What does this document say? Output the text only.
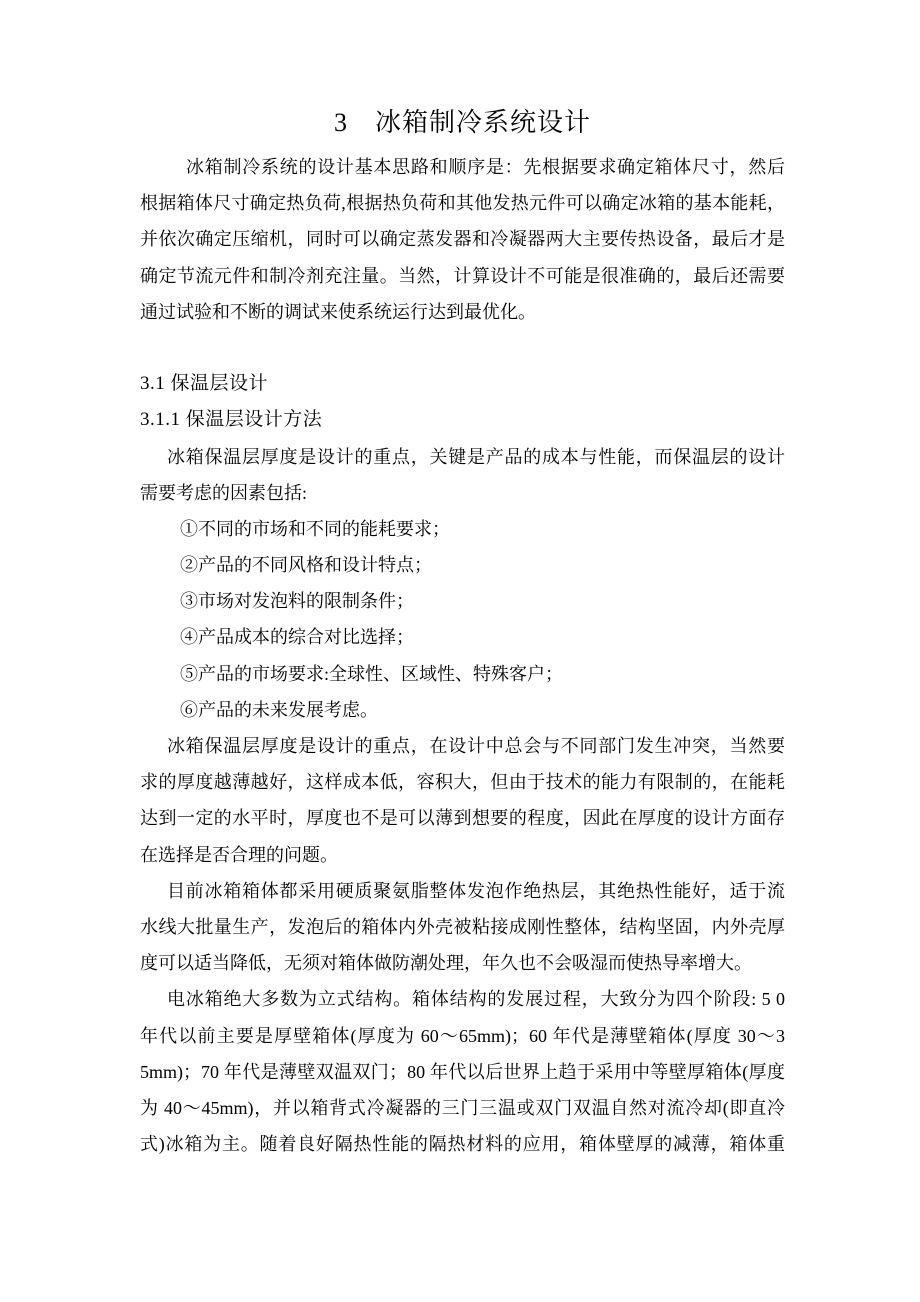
3　冰箱制冷系统设计
冰箱制冷系统的设计基本思路和顺序是：先根据要求确定箱体尺寸，然后
根据箱体尺寸确定热负荷,根据热负荷和其他发热元件可以确定冰箱的基本能耗，
并依次确定压缩机，同时可以确定蒸发器和冷凝器两大主要传热设备，最后才是
确定节流元件和制冷剂充注量。当然，计算设计不可能是很准确的，最后还需要
通过试验和不断的调试来使系统运行达到最优化。
3.1 保温层设计
3.1.1 保温层设计方法
冰箱保温层厚度是设计的重点，关键是产品的成本与性能，而保温层的设计
需要考虑的因素包括:
①不同的市场和不同的能耗要求；
②产品的不同风格和设计特点；
③市场对发泡料的限制条件；
④产品成本的综合对比选择；
⑤产品的市场要求:全球性、区域性、特殊客户；
⑥产品的未来发展考虑。
冰箱保温层厚度是设计的重点，在设计中总会与不同部门发生冲突，当然要
求的厚度越薄越好，这样成本低，容积大，但由于技术的能力有限制的，在能耗
达到一定的水平时，厚度也不是可以薄到想要的程度，因此在厚度的设计方面存
在选择是否合理的问题。
目前冰箱箱体都采用硬质聚氨脂整体发泡作绝热层，其绝热性能好，适于流
水线大批量生产，发泡后的箱体内外壳被粘接成刚性整体，结构坚固，内外壳厚
度可以适当降低，无须对箱体做防潮处理，年久也不会吸湿而使热导率增大。
电冰箱绝大多数为立式结构。箱体结构的发展过程，大致分为四个阶段: 5 0
年代以前主要是厚壁箱体(厚度为 60～65mm)；60 年代是薄壁箱体(厚度 30～3
5mm)；70 年代是薄壁双温双门；80 年代以后世界上趋于采用中等壁厚箱体(厚度
为 40～45mm)，并以箱背式冷凝器的三门三温或双门双温自然对流冷却(即直冷
式)冰箱为主。随着良好隔热性能的隔热材料的应用，箱体壁厚的减薄，箱体重
